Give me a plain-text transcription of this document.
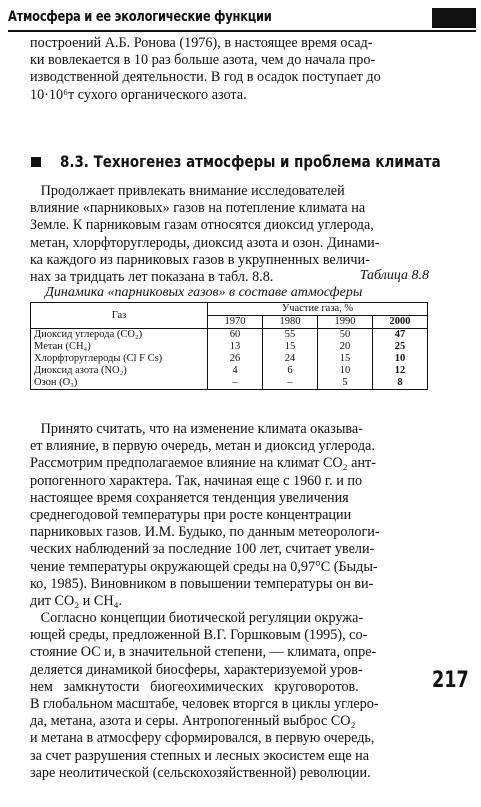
Атмосфера и ее экологические функции
построений А.Б. Ронова (1976), в настоящее время осад-
ки вовлекается в 10 раз больше азота, чем до начала про-
изводственной деятельности. В год в осадок поступает до
10·10⁶т сухого органического азота.
8.3. Техногенез атмосферы и проблема климата
Продолжает привлекать внимание исследователей
влияние «парниковых» газов на потепление климата на
Земле. К парниковым газам относятся диоксид углерода,
метан, хлорфторуглероды, диоксид азота и озон. Динами-
ка каждого из парниковых газов в укрупненных величи-
нах за тридцать лет показана в табл. 8.8.	Таблица 8.8
Динамика «парниковых газов» в составе атмосферы
Газ	Участие газа, %			
	1970	1980	1990	2000
Диоксид углерода (CO₂)	60	55	50	47
Метан (CH₄)	13	15	20	25
Хлорфторуглероды (Cl F Cs)	26	24	15	10
Диоксид азота (NO₂)	4	6	10	12
Озон (O₃)	–	–	5	8
Принято считать, что на изменение климата оказыва-
ет влияние, в первую очередь, метан и диоксид углерода.
Рассмотрим предполагаемое влияние на климат CO₂ ант-
ропогенного характера. Так, начиная еще с 1960 г. и по
настоящее время сохраняется тенденция увеличения
среднегодовой температуры при росте концентрации
парниковых газов. И.М. Будыко, по данным метеорологи-
ческих наблюдений за последние 100 лет, считает увели-
чение температуры окружающей среды на 0,97°С (Быды-
ко, 1985). Виновником в повышении температуры он ви-
дит CO₂ и CH₄.
Согласно концепции биотической регуляции окружа-
ющей среды, предложенной В.Г. Горшковым (1995), со-
стояние ОС и, в значительной степени, — климата, опре-
деляется динамикой биосферы, характеризуемой уров-
нем   замкнутости   биогеохимических   круговоротов.
В глобальном масштабе, человек вторгся в циклы углеро-
да, метана, азота и серы. Антропогенный выброс CO₂
и метана в атмосферу сформировался, в первую очередь,
за счет разрушения степных и лесных экосистем еще на
заре неолитической (сельскохозяйственной) революции.
217
